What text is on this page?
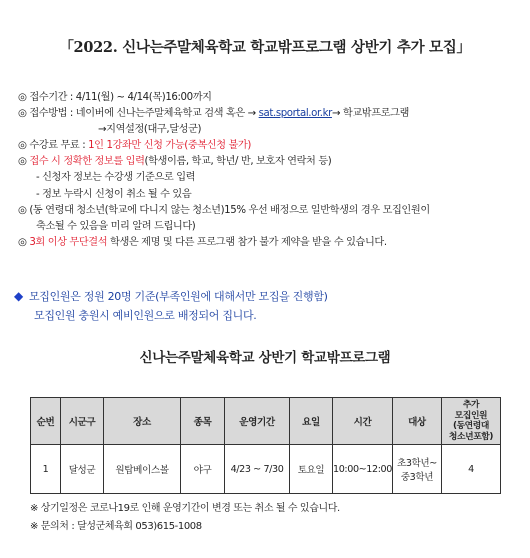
「2022. 신나는주말체육학교 학교밖프로그램 상반기 추가 모집」
◎ 접수기간 : 4/11(월) ~ 4/14(목)16:00까지
◎ 접수방법 : 네이버에 신나는주말체육학교 검색 혹은 → sat.sportal.or.kr→ 학교밖프로그램
→지역설정(대구,달성군)
◎ 수강료 무료 : 1인 1강좌만 신청 가능(중복신청 불가)
◎ 접수 시 정확한 정보를 입력(학생이름, 학교, 학년/ 반, 보호자 연락처 등)
- 신청자 정보는 수강생 기준으로 입력
- 정보 누락시 신청이 취소 될 수 있음
◎ (동 연령대 청소년(학교에 다니지 않는 청소년)15% 우선 배정으로 일반학생의 경우 모집인원이
축소될 수 있음을 미리 알려 드립니다)
◎ 3회 이상 무단결석 학생은 제명 및 다른 프로그램 참가 불가 제약을 받을 수 있습니다.
◆ 모집인원은 정원 20명 기준(부족인원에 대해서만 모집을 진행함)
모집인원 충원시 예비인원으로 배정되어 집니다.
신나는주말체육학교 상반기 학교밖프로그램
순번	시군구	장소	종목	운영기간	요일	시간	대상	추가
모집인원
(동연령대
청소년포함)

1	달성군	원탑베이스볼	야구	4/23 ~ 7/30	토요일	10:00~12:00	초3학년~
중3학년	4
※ 상기일정은 코로나19로 인해 운영기간이 변경 또는 취소 될 수 있습니다.
※ 문의처 : 달성군체육회 053)615-1008
